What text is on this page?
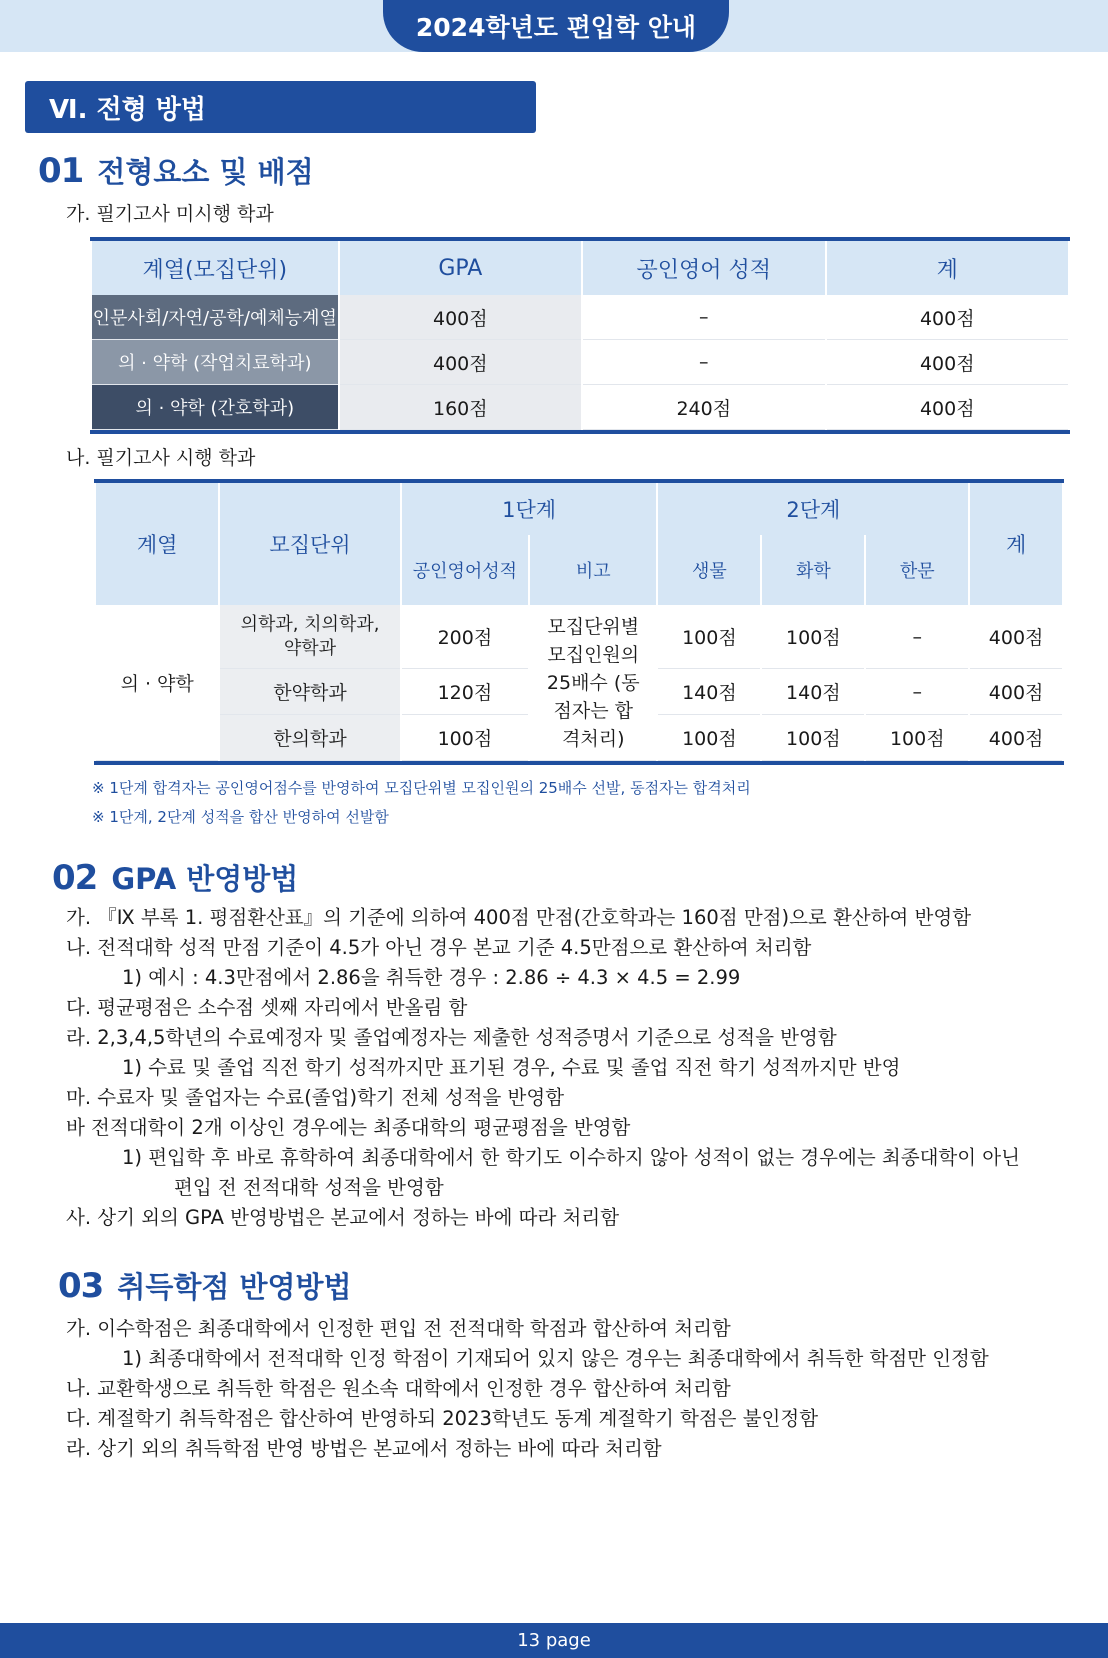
2024학년도 편입학 안내
Ⅵ. 전형 방법
01 전형요소 및 배점
가. 필기고사 미시행 학과
계열(모집단위)	GPA	공인영어 성적	계
인문사회/자연/공학/예체능계열	400점	–	400점
의 · 약학 (작업치료학과)	400점	–	400점
의 · 약학 (간호학과)	160점	240점	400점
나. 필기고사 시행 학과
계열	모집단위	1단계		2단계			계
		공인영어성적	비고	생물	화학	한문	
의 · 약학	의학과, 치의학과, 약학과	200점	모집단위별 모집인원의 25배수 (동점자는 합격처리)	100점	100점	–	400점
	한약학과	120점		140점	140점	–	400점
	한의학과	100점		100점	100점	100점	400점
※ 1단계 합격자는 공인영어점수를 반영하여 모집단위별 모집인원의 25배수 선발, 동점자는 합격처리
※ 1단계, 2단계 성적을 합산 반영하여 선발함
02 GPA 반영방법
가. 『Ⅸ 부록 1. 평점환산표』의 기준에 의하여 400점 만점(간호학과는 160점 만점)으로 환산하여 반영함
나. 전적대학 성적 만점 기준이 4.5가 아닌 경우 본교 기준 4.5만점으로 환산하여 처리함
1) 예시 : 4.3만점에서 2.86을 취득한 경우 : 2.86 ÷ 4.3 × 4.5 = 2.99
다. 평균평점은 소수점 셋째 자리에서 반올림 함
라. 2,3,4,5학년의 수료예정자 및 졸업예정자는 제출한 성적증명서 기준으로 성적을 반영함
1) 수료 및 졸업 직전 학기 성적까지만 표기된 경우, 수료 및 졸업 직전 학기 성적까지만 반영
마. 수료자 및 졸업자는 수료(졸업)학기 전체 성적을 반영함
바 전적대학이 2개 이상인 경우에는 최종대학의 평균평점을 반영함
1) 편입학 후 바로 휴학하여 최종대학에서 한 학기도 이수하지 않아 성적이 없는 경우에는 최종대학이 아닌
편입 전 전적대학 성적을 반영함
사. 상기 외의 GPA 반영방법은 본교에서 정하는 바에 따라 처리함
03 취득학점 반영방법
가. 이수학점은 최종대학에서 인정한 편입 전 전적대학 학점과 합산하여 처리함
1) 최종대학에서 전적대학 인정 학점이 기재되어 있지 않은 경우는 최종대학에서 취득한 학점만 인정함
나. 교환학생으로 취득한 학점은 원소속 대학에서 인정한 경우 합산하여 처리함
다. 계절학기 취득학점은 합산하여 반영하되 2023학년도 동계 계절학기 학점은 불인정함
라. 상기 외의 취득학점 반영 방법은 본교에서 정하는 바에 따라 처리함
13 page
